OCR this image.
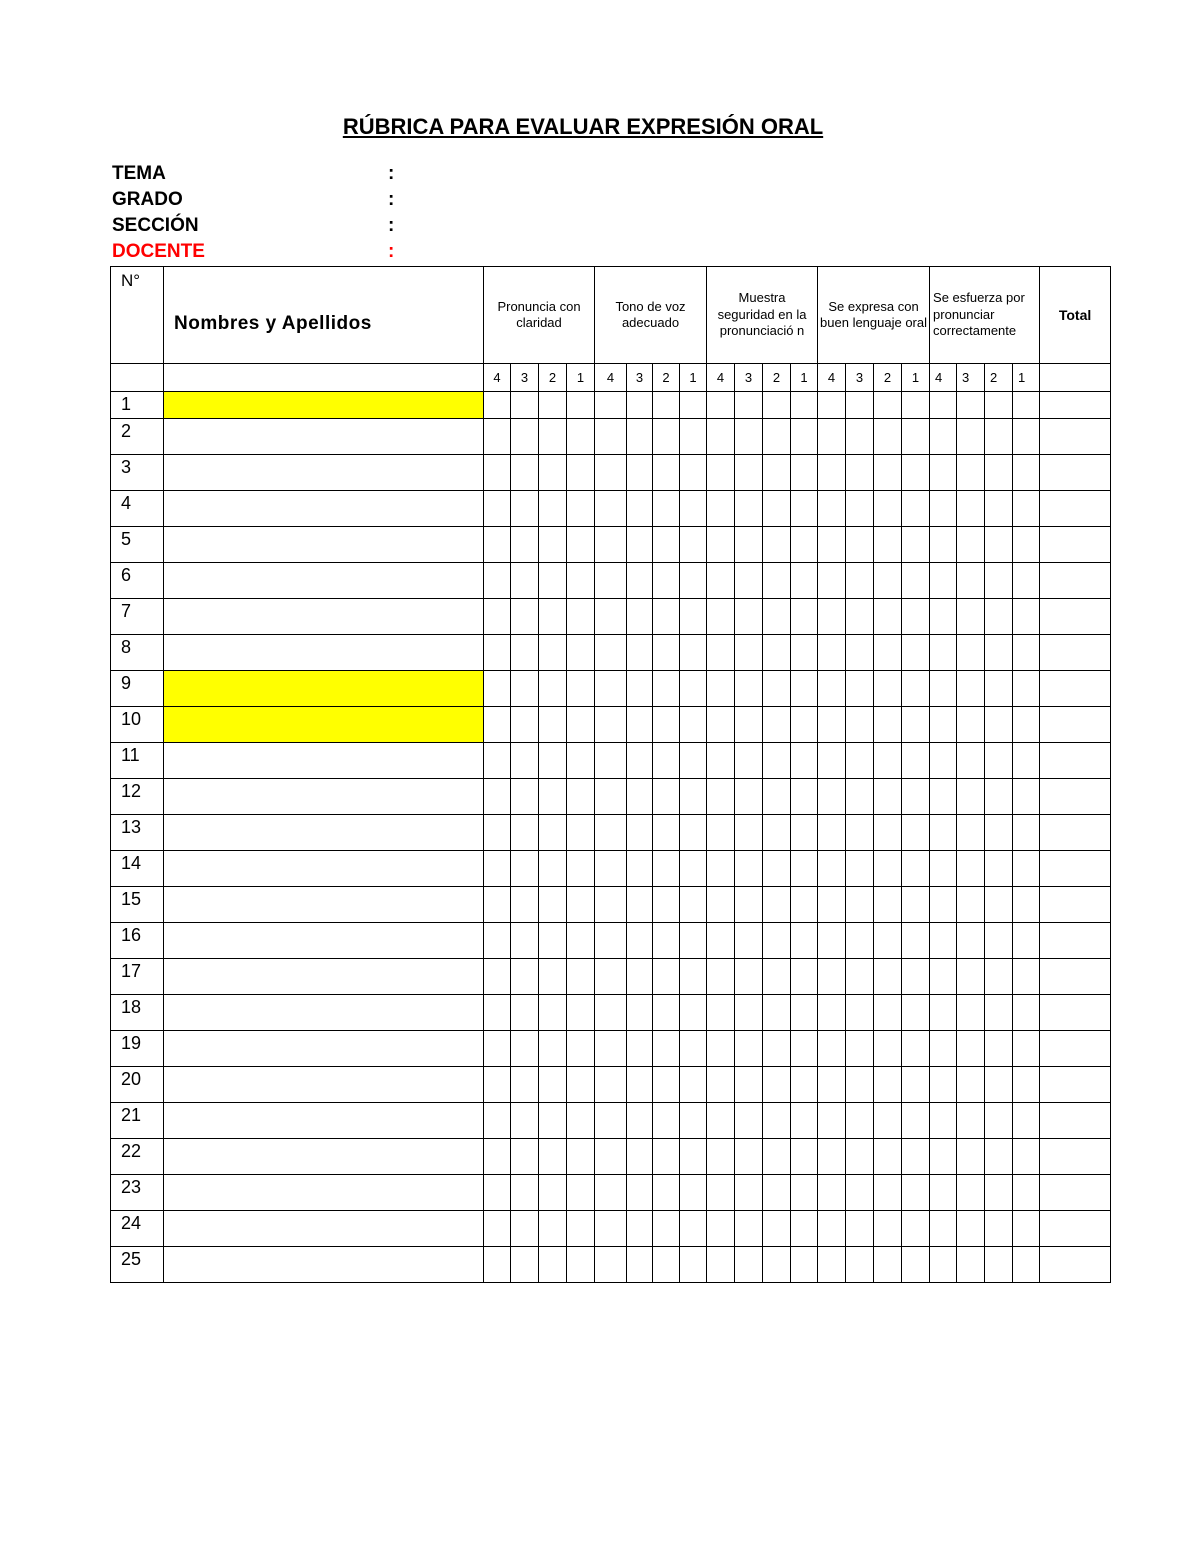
RÚBRICA PARA EVALUAR EXPRESIÓN ORAL
TEMA	:
GRADO	:
SECCIÓN	:
DOCENTE	:
N°	Nombres y Apellidos	Pronuncia con claridad				Tono de voz adecuado				Muestra seguridad en la pronunciació n				Se expresa con buen lenguaje oral				Se esfuerza por pronunciar correctamente				Total
		4	3	2	1	4	3	2	1	4	3	2	1	4	3	2	1	4	3	2	1	
1																						
2																						
3																						
4																						
5																						
6																						
7																						
8																						
9																						
10																						
11																						
12																						
13																						
14																						
15																						
16																						
17																						
18																						
19																						
20																						
21																						
22																						
23																						
24																						
25																						
